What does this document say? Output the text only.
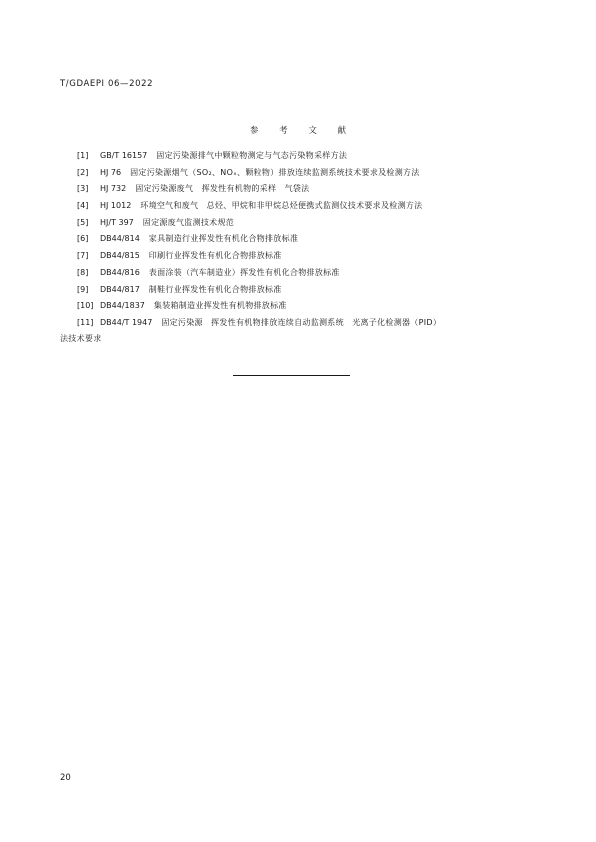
T/GDAEPI 06—2022
参 考 文 献
[1]	GB/T 16157 固定污染源排气中颗粒物测定与气态污染物采样方法
[2]	HJ 76 固定污染源烟气（SO₂、NOₓ、颗粒物）排放连续监测系统技术要求及检测方法
[3]	HJ 732 固定污染源废气　挥发性有机物的采样　气袋法
[4]	HJ 1012 环境空气和废气　总烃、甲烷和非甲烷总烃便携式监测仪技术要求及检测方法
[5]	HJ/T 397 固定源废气监测技术规范
[6]	DB44/814 家具制造行业挥发性有机化合物排放标准
[7]	DB44/815 印刷行业挥发性有机化合物排放标准
[8]	DB44/816 表面涂装（汽车制造业）挥发性有机化合物排放标准
[9]	DB44/817 制鞋行业挥发性有机化合物排放标准
[10] DB44/1837 集装箱制造业挥发性有机物排放标准
[11] DB44/T 1947 固定污染源　挥发性有机物排放连续自动监测系统　光离子化检测器（PID）
法技术要求
20
